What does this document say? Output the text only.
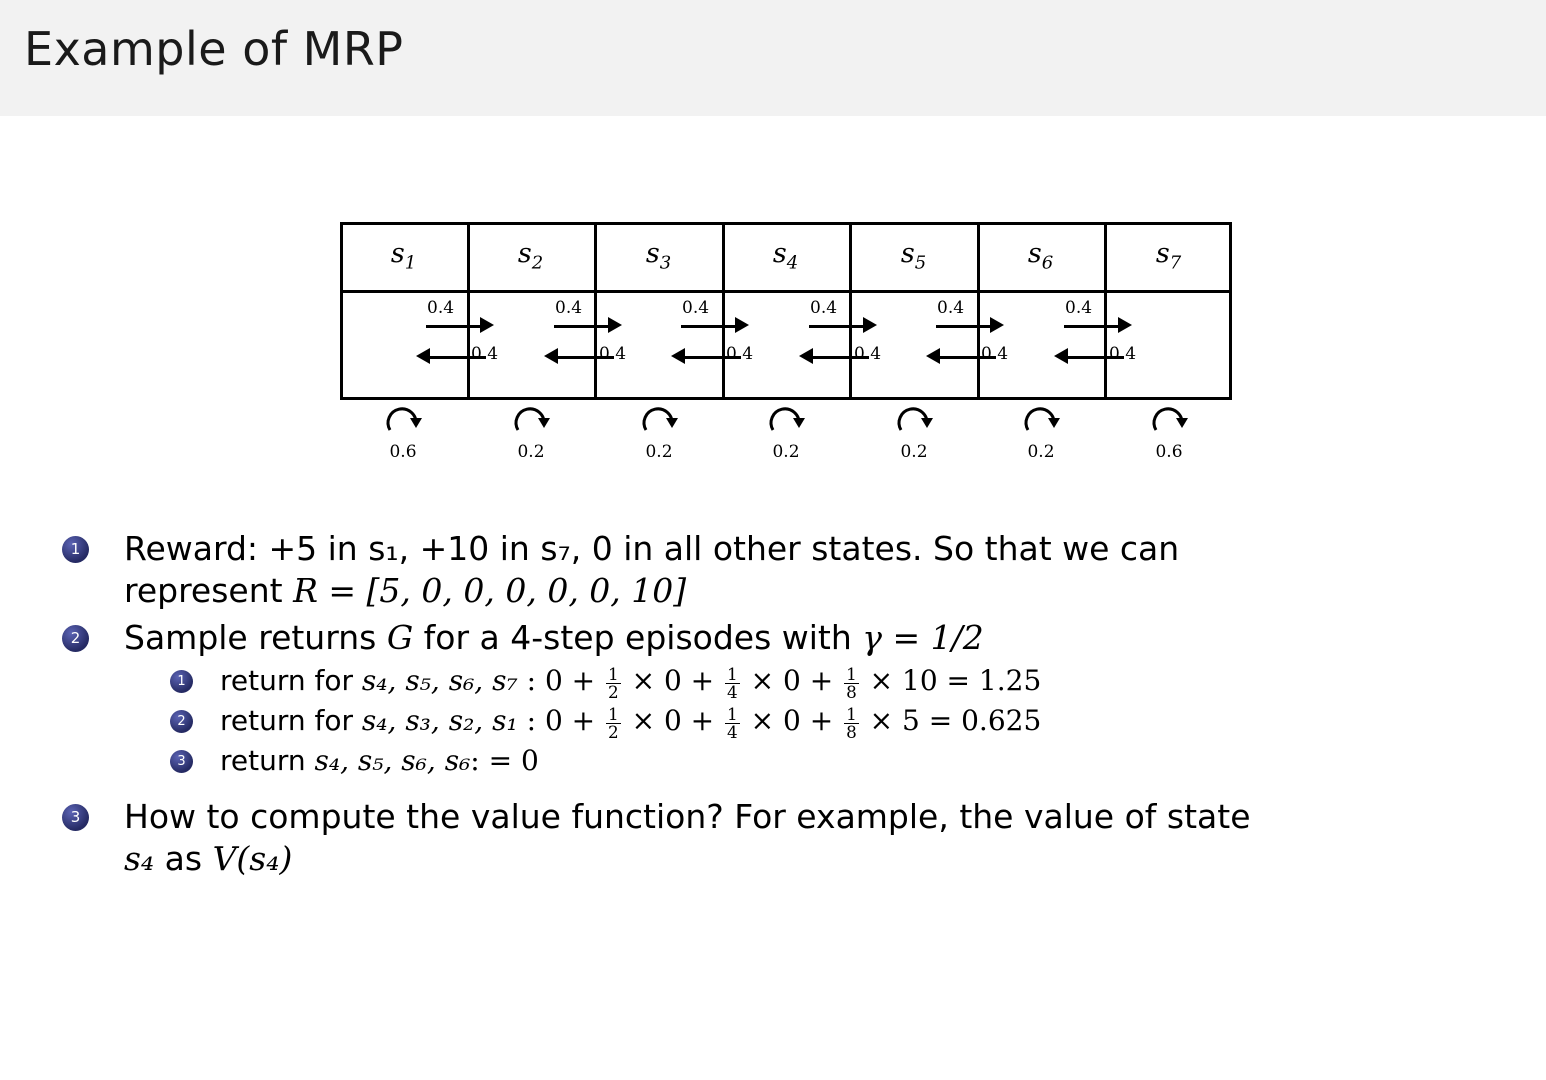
Example of MRP
$s_1$	$s_2$	$s_3$	$s_4$	$s_5$	$s_6$	$s_7$
0.4	0.4	0.4	0.4	0.4	0.4
0.4	0.4	0.4	0.4	0.4	0.4
0.6	0.2	0.2	0.2	0.2	0.2	0.6
1 Reward: +5 in s₁, +10 in s₇, 0 in all other states. So that we can
represent R = [5, 0, 0, 0, 0, 0, 10]
2 Sample returns G for a 4-step episodes with γ = 1/2
1 return for s₄, s₅, s₆, s₇ : $0 + \frac{1}{2} \times 0 + \frac{1}{4} \times 0 + \frac{1}{8} \times 10 = 1.25$
2 return for s₄, s₃, s₂, s₁ : $0 + \frac{1}{2} \times 0 + \frac{1}{4} \times 0 + \frac{1}{8} \times 5 = 0.625$
3 return s₄, s₅, s₆, s₆: = 0
3 How to compute the value function? For example, the value of state
s₄ as V(s₄)
